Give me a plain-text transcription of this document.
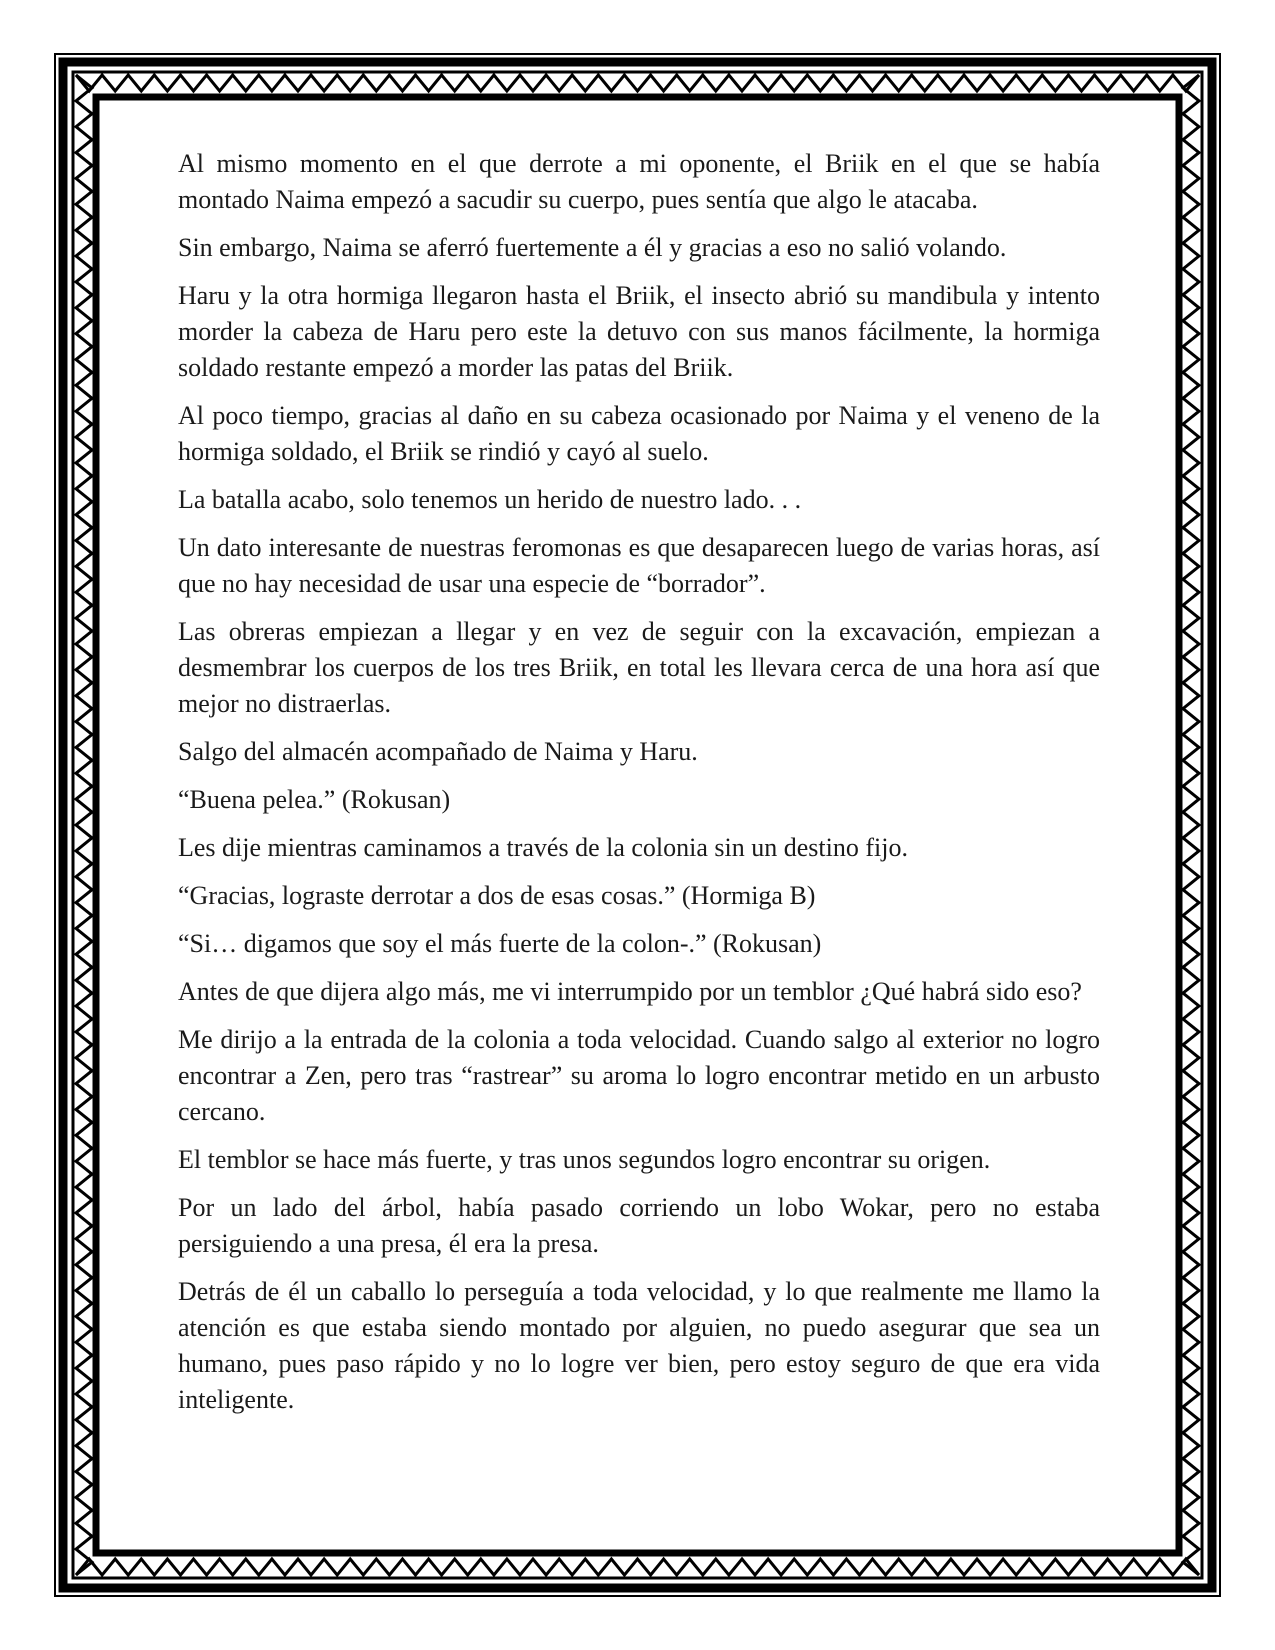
Al mismo momento en el que derrote a mi oponente, el Briik en el que se había montado Naima empezó a sacudir su cuerpo, pues sentía que algo le atacaba.

Sin embargo, Naima se aferró fuertemente a él y gracias a eso no salió volando.

Haru y la otra hormiga llegaron hasta el Briik, el insecto abrió su mandibula y intento morder la cabeza de Haru pero este la detuvo con sus manos fácilmente, la hormiga soldado restante empezó a morder las patas del Briik.

Al poco tiempo, gracias al daño en su cabeza ocasionado por Naima y el veneno de la hormiga soldado, el Briik se rindió y cayó al suelo.

La batalla acabo, solo tenemos un herido de nuestro lado. . .

Un dato interesante de nuestras feromonas es que desaparecen luego de varias horas, así que no hay necesidad de usar una especie de “borrador”.

Las obreras empiezan a llegar y en vez de seguir con la excavación, empiezan a desmembrar los cuerpos de los tres Briik, en total les llevara cerca de una hora así que mejor no distraerlas.

Salgo del almacén acompañado de Naima y Haru.

“Buena pelea.” (Rokusan)

Les dije mientras caminamos a través de la colonia sin un destino fijo.

“Gracias, lograste derrotar a dos de esas cosas.” (Hormiga B)

“Si… digamos que soy el más fuerte de la colon-.” (Rokusan)

Antes de que dijera algo más, me vi interrumpido por un temblor ¿Qué habrá sido eso?

Me dirijo a la entrada de la colonia a toda velocidad. Cuando salgo al exterior no logro encontrar a Zen, pero tras “rastrear” su aroma lo logro encontrar metido en un arbusto cercano.

El temblor se hace más fuerte, y tras unos segundos logro encontrar su origen.

Por un lado del árbol, había pasado corriendo un lobo Wokar, pero no estaba persiguiendo a una presa, él era la presa.

Detrás de él un caballo lo perseguía a toda velocidad, y lo que realmente me llamo la atención es que estaba siendo montado por alguien, no puedo asegurar que sea un humano, pues paso rápido y no lo logre ver bien, pero estoy seguro de que era vida inteligente.
